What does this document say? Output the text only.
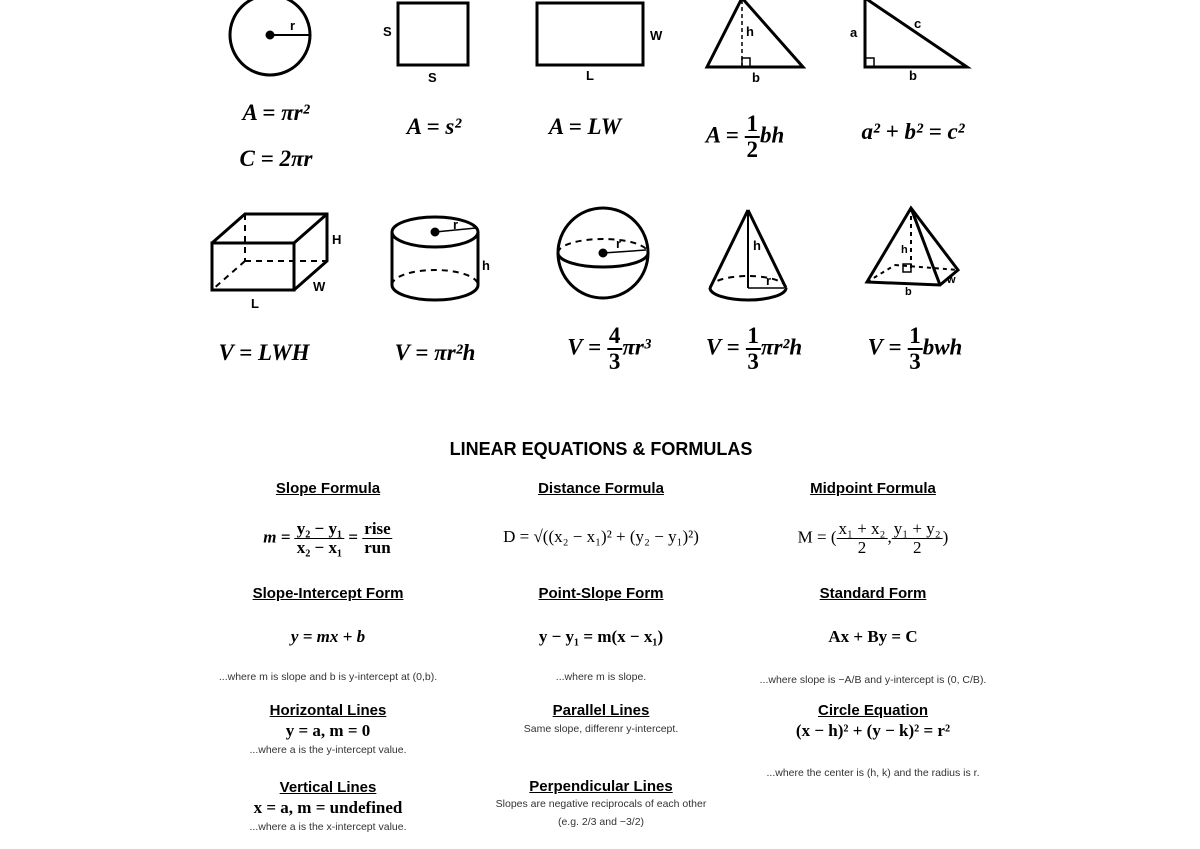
r	S
S
W
L
h
b
a
c
b
H
W
L
r
h
r	h
r
h
b
w
A = πr²
C = 2πr
A = s²	A = LW	$A = \frac{1}{2}$ bh	a² + b² = c²
V = LWH	V = πr²h	$V = \frac{4}{3} \pi r^3$ $V = \frac{1}{3} \pi r^2h$	$V = \frac{1}{3}$ bwh
LINEAR EQUATIONS & FORMULAS
Slope Formula
$m = \frac{\text{y₂ − y₁}}{\text{x₂ − x₁}} = \frac{\text{rise}}{\text{run}}$
Distance Formula
D = √((x₂ − x₁)² + (y₂ − y₁)²)
Midpoint Formula
M = ( $\frac{\text{x₁ + x₂}}{2}$ , $\frac{\text{y₁ + y₂}}{2}$ )
Slope-Intercept Form
y = mx + b
...where m is slope and b is y-intercept at (0,b).
Point-Slope Form
y − y₁ = m(x − x₁)
...where m is slope.
Standard Form
Ax + By = C
...where slope is −A/B and y-intercept is (0, C/B).
Horizontal Lines
y = a, m = 0
...where a is the y-intercept value.
Parallel Lines
Same slope, differenr y-intercept.
Circle Equation
(x − h)² + (y − k)² = r²
...where the center is (h, k) and the radius is r.
Vertical Lines
x = a, m = undefined
...where a is the x-intercept value.
Perpendicular Lines
Slopes are negative reciprocals of each other
(e.g. 2/3 and −3/2)
